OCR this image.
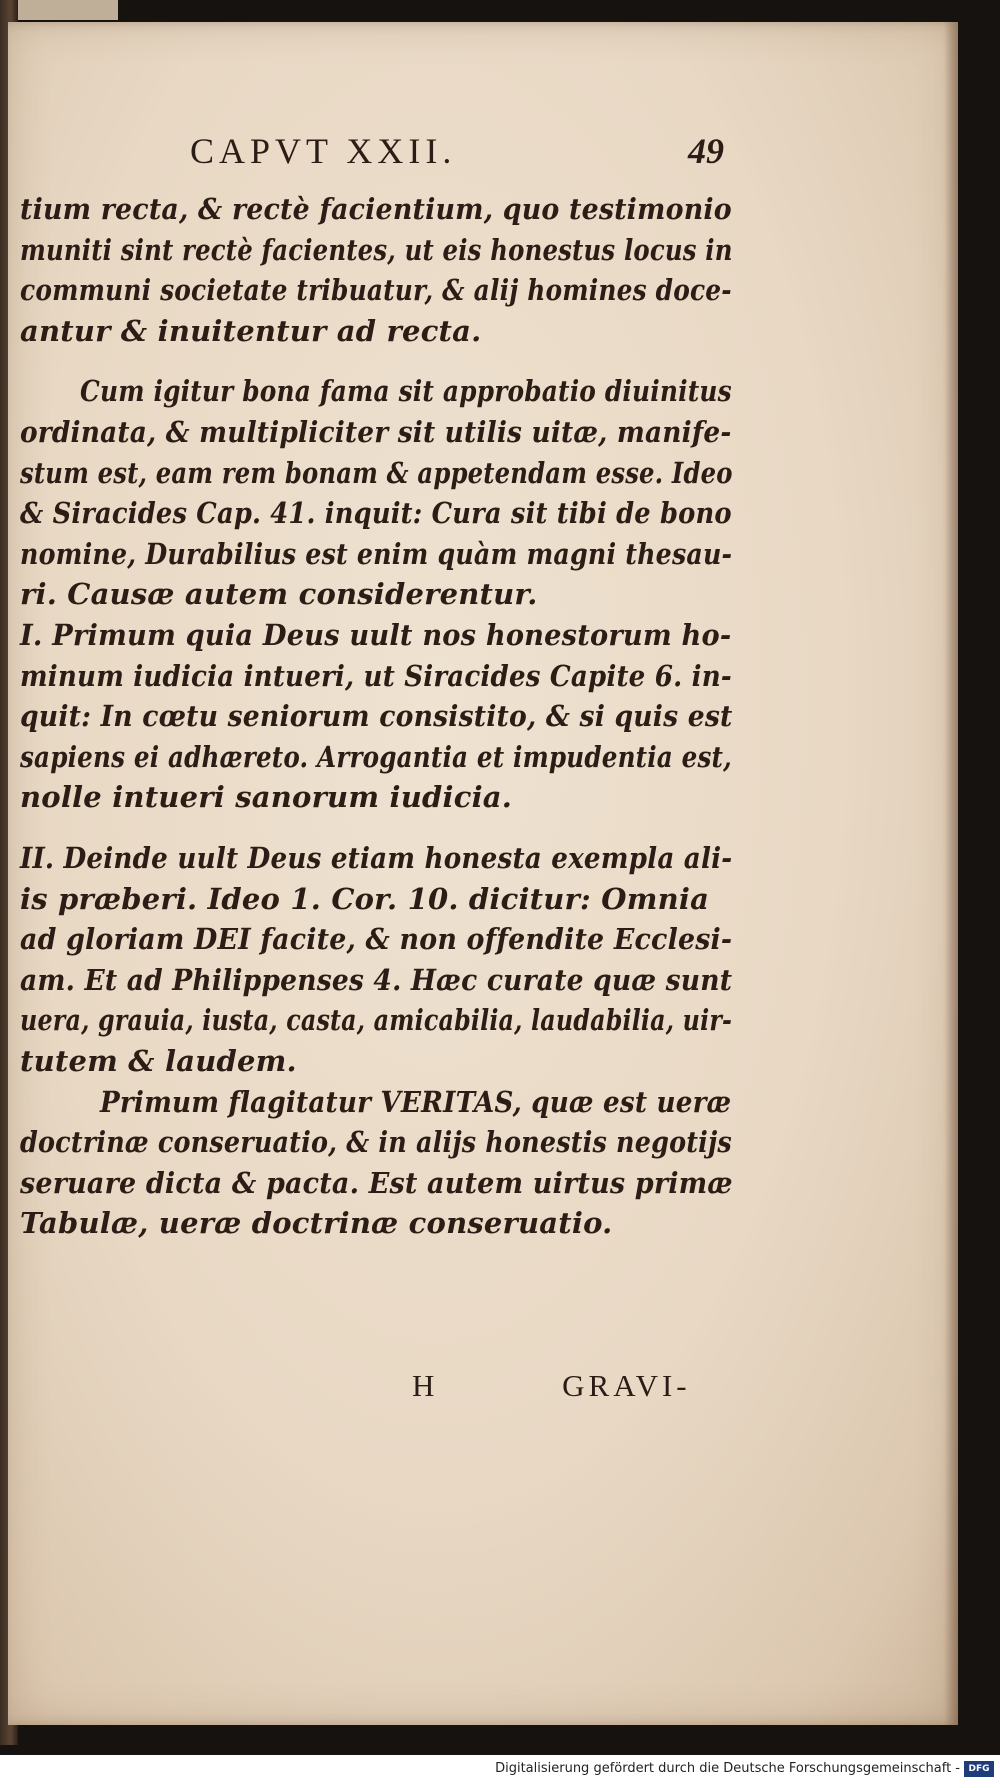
tium recta, & rectè facientium, quo testimonio

muniti sint rectè facientes, ut eis honestus locus in

communi societate tribuatur, & alij homines doce-

antur & inuitentur ad recta.

Cum igitur bona fama sit approbatio diuinitus

ordinata, & multipliciter sit utilis uitæ, manife-

stum est, eam rem bonam & appetendam esse. Ideo

& Siracides Cap. 41. inquit: Cura sit tibi de bono

nomine, Durabilius est enim quàm magni thesau-

ri. Causæ autem considerentur.

I. Primum quia Deus uult nos honestorum ho-

minum iudicia intueri, ut Siracides Capite 6. in-

quit: In cœtu seniorum consistito, & si quis est

sapiens ei adhæreto. Arrogantia et impudentia est,

nolle intueri sanorum iudicia.

II. Deinde uult Deus etiam honesta exempla ali-

is præberi. Ideo 1. Cor. 10. dicitur: Omnia

ad gloriam DEI facite, & non offendite Ecclesi-

am. Et ad Philippenses 4. Hæc curate quæ sunt

uera, grauia, iusta, casta, amicabilia, laudabilia, uir-

tutem & laudem.

Primum flagitatur VERITAS, quæ est ueræ

doctrinæ conseruatio, & in alijs honestis negotijs

seruare dicta & pacta. Est autem uirtus primæ

Tabulæ, ueræ doctrinæ conseruatio.

CAPVT XXII.	49
H	GRAVI-
Digitalisierung gefördert durch die Deutsche Forschungsgemeinschaft - DFG
